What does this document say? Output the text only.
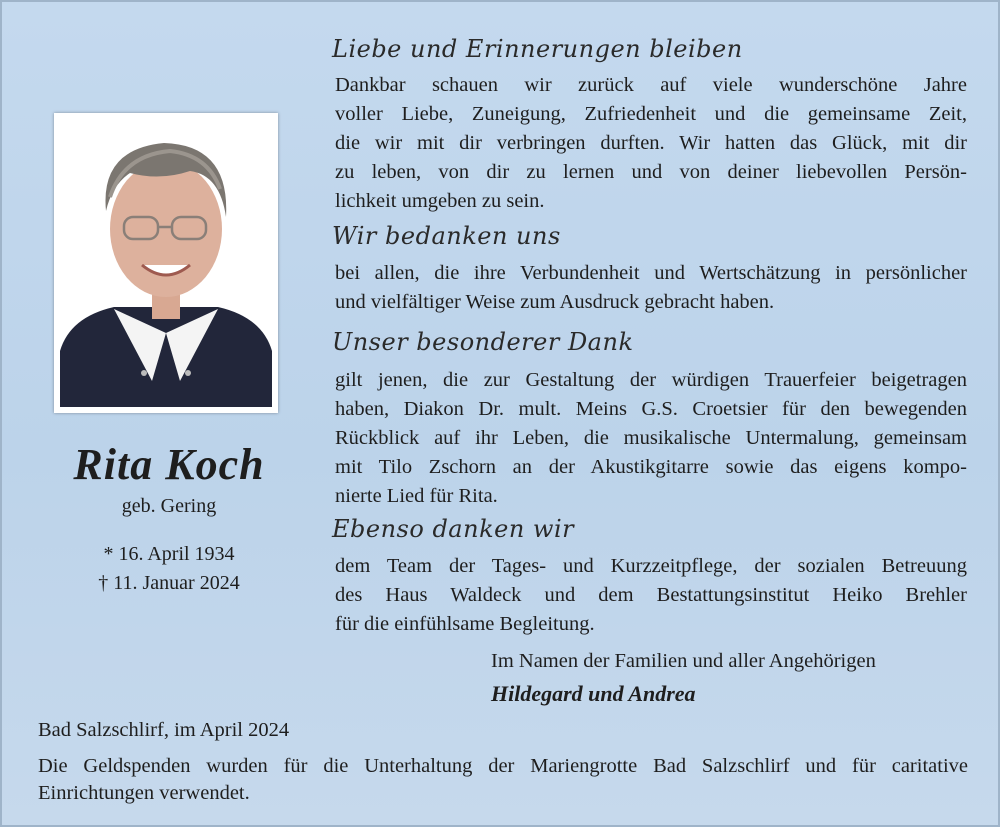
Rita Koch
geb. Gering
* 16. April 1934
† 11. Januar 2024
Liebe und Erinnerungen bleiben
Dankbar schauen wir zurück auf viele wunderschöne Jahre
voller Liebe, Zuneigung, Zufriedenheit und die gemeinsame Zeit,
die wir mit dir verbringen durften. Wir hatten das Glück, mit dir
zu leben, von dir zu lernen und von deiner liebevollen Persön-
lichkeit umgeben zu sein.
Wir bedanken uns
bei allen, die ihre Verbundenheit und Wertschätzung in persönlicher
und vielfältiger Weise zum Ausdruck gebracht haben.
Unser besonderer Dank
gilt jenen, die zur Gestaltung der würdigen Trauerfeier beigetragen
haben, Diakon Dr. mult. Meins G.S. Croetsier für den bewegenden
Rückblick auf ihr Leben, die musikalische Untermalung, gemeinsam
mit Tilo Zschorn an der Akustikgitarre sowie das eigens kompo-
nierte Lied für Rita.
Ebenso danken wir
dem Team der Tages- und Kurzzeitpflege, der sozialen Betreuung
des Haus Waldeck und dem Bestattungsinstitut Heiko Brehler
für die einfühlsame Begleitung.
Im Namen der Familien und aller Angehörigen
Hildegard und Andrea
Bad Salzschlirf, im April 2024
Die Geldspenden wurden für die Unterhaltung der Mariengrotte Bad Salzschlirf und für caritative
Einrichtungen verwendet.
